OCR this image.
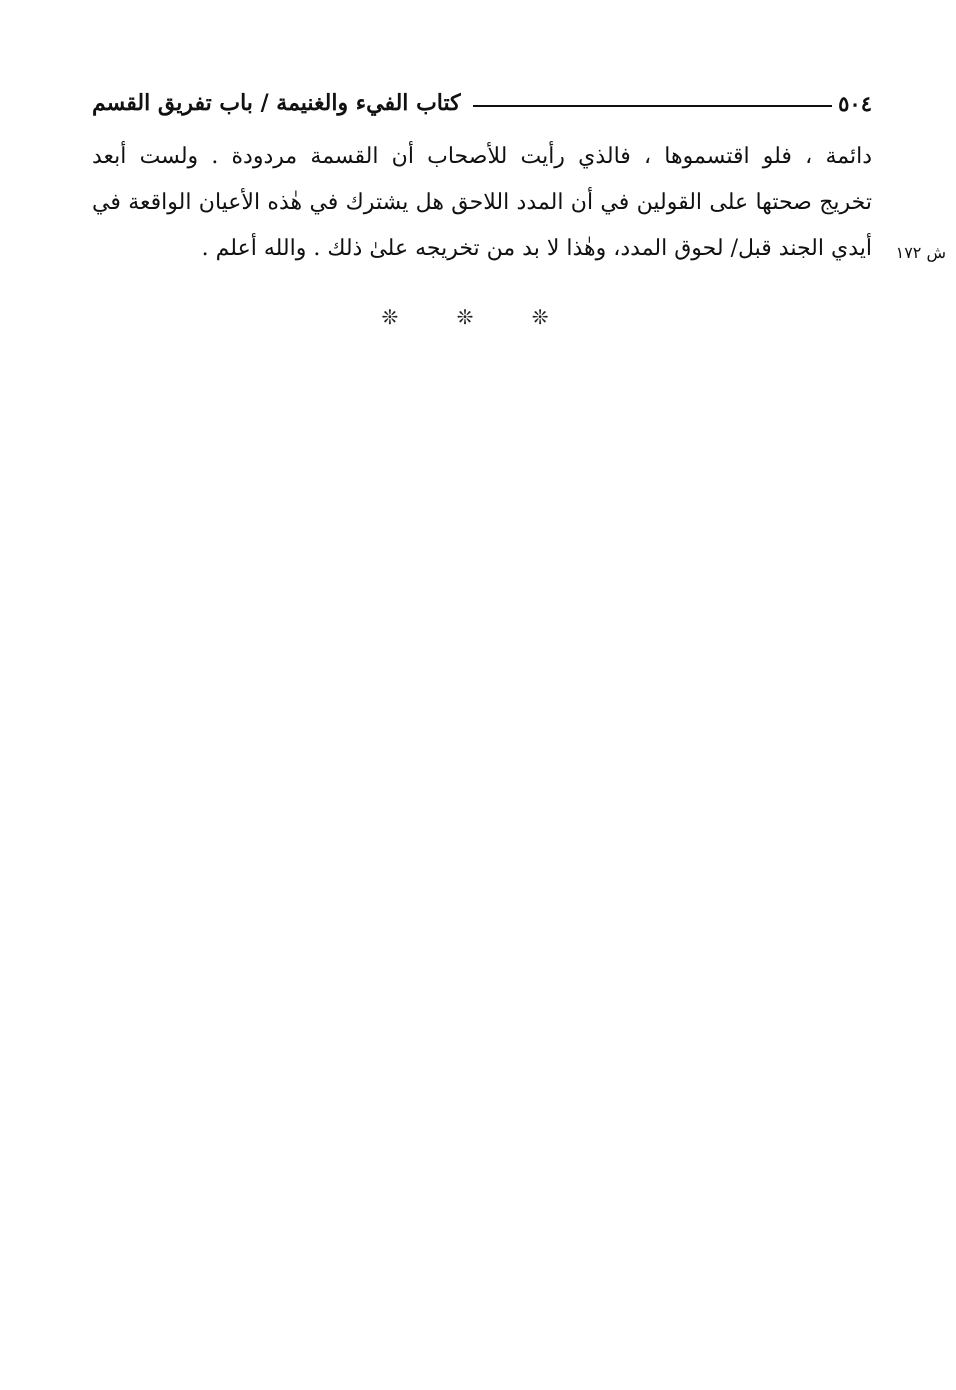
٥٠٤
كتاب الفيء والغنيمة / باب تفريق القسم
دائمة ، فلو اقتسموها ، فالذي رأيت للأصحاب أن القسمة مردودة . ولست أبعد
تخريج صحتها على القولين في أن المدد اللاحق هل يشترك في هٰذه الأعيان الواقعة في
أيدي الجند قبل/ لحوق المدد، وهٰذا لا بد من تخريجه علىٰ ذلك . والله أعلم .	ش ١٧٢
❊ ❊ ❊
